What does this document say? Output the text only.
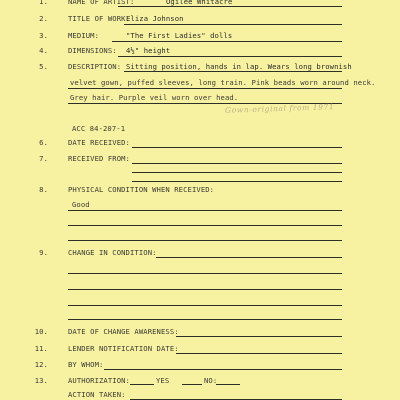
1.	NAME OF ARTIST:	Ogilee Whitacre
2.	TITLE OF WORK:
Eliza Johnson
3.	MEDIUM:	"The First Ladies" dolls
4.	DIMENSIONS: 4½" height
5.	DESCRIPTION: Sitting position, hands in lap. Wears long brownish
velvet gown, puffed sleeves, long train. Pink beads worn around neck.
Grey hair. Purple veil worn over head.
Gown-original from 1971
ACC 84-207-1
6.	DATE RECEIVED:
7.	RECEIVED FROM:
8.	PHYSICAL CONDITION WHEN RECEIVED:
Good
9.	CHANGE IN CONDITION:
10.	DATE OF CHANGE AWARENESS:
11.	LENDER NOTIFICATION DATE:
12.	BY WHOM:
13.	AUTHORIZATION:	YES	NO:
ACTION TAKEN:
